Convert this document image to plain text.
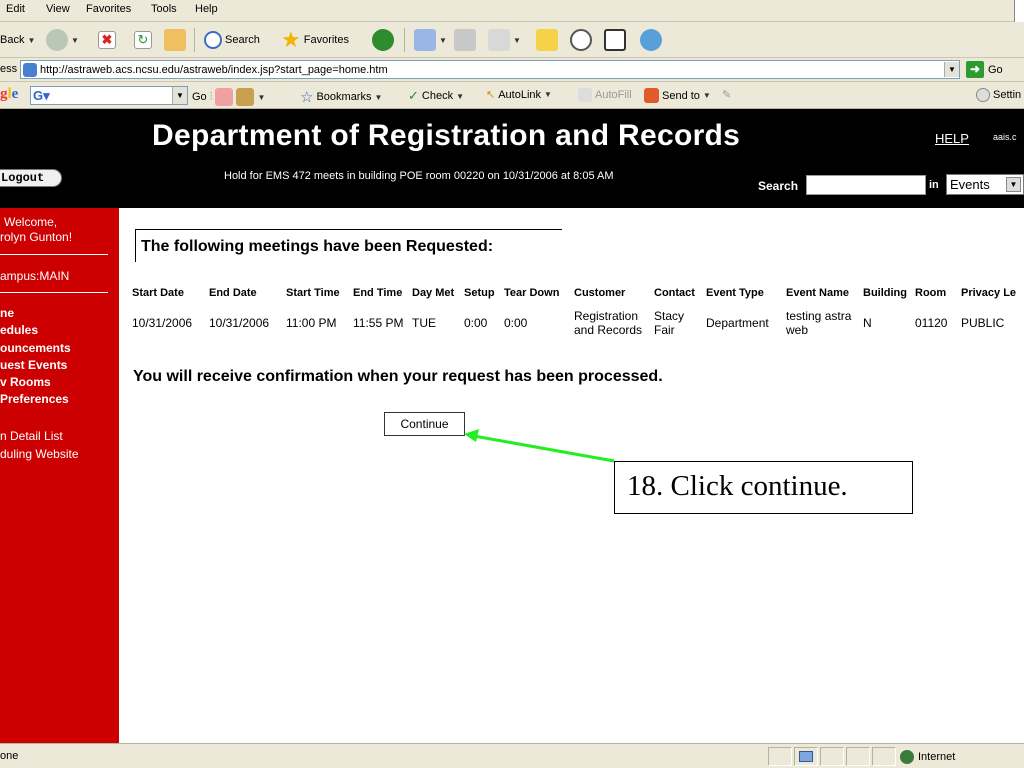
Edit View Favorites Tools Help
Back ▼	▼ ✖ ↻	Search ★ Favorites	▼	▼
ess http://astraweb.acs.ncsu.edu/astraweb/index.jsp?start_page=home.htm	▼	➜ Go
gle G▾	▼ Go ⫶	▼ ☆ Bookmarks ▼ ✓ Check ▼ ↖ AutoLink ▼	AutoFill	Send to ▼ ✎	Settin
Department of Registration and Records	HELP	aais.c
Logout	Hold for EMS 472 meets in building POE room 00220 on 10/31/2006 at 8:05 AM
Search	in Events	▼
Welcome,
rolyn Gunton!
ampus:MAIN
ne
edules
ouncements
uest Events
v Rooms
Preferences
n Detail List
duling Website
The following meetings have been Requested:
Start Date	End Date	Start Time	End Time	Day Met	Setup	Tear Down	Customer	Contact	Event Type	Event Name	Building	Room	Privacy Le
10/31/2006	10/31/2006	11:00 PM	11:55 PM	TUE	0:00	0:00	Registration and Records	Stacy Fair	Department	testing astra web	N	01120	PUBLIC
You will receive confirmation when your request has been processed.
Continue
18. Click continue.
one	Internet
